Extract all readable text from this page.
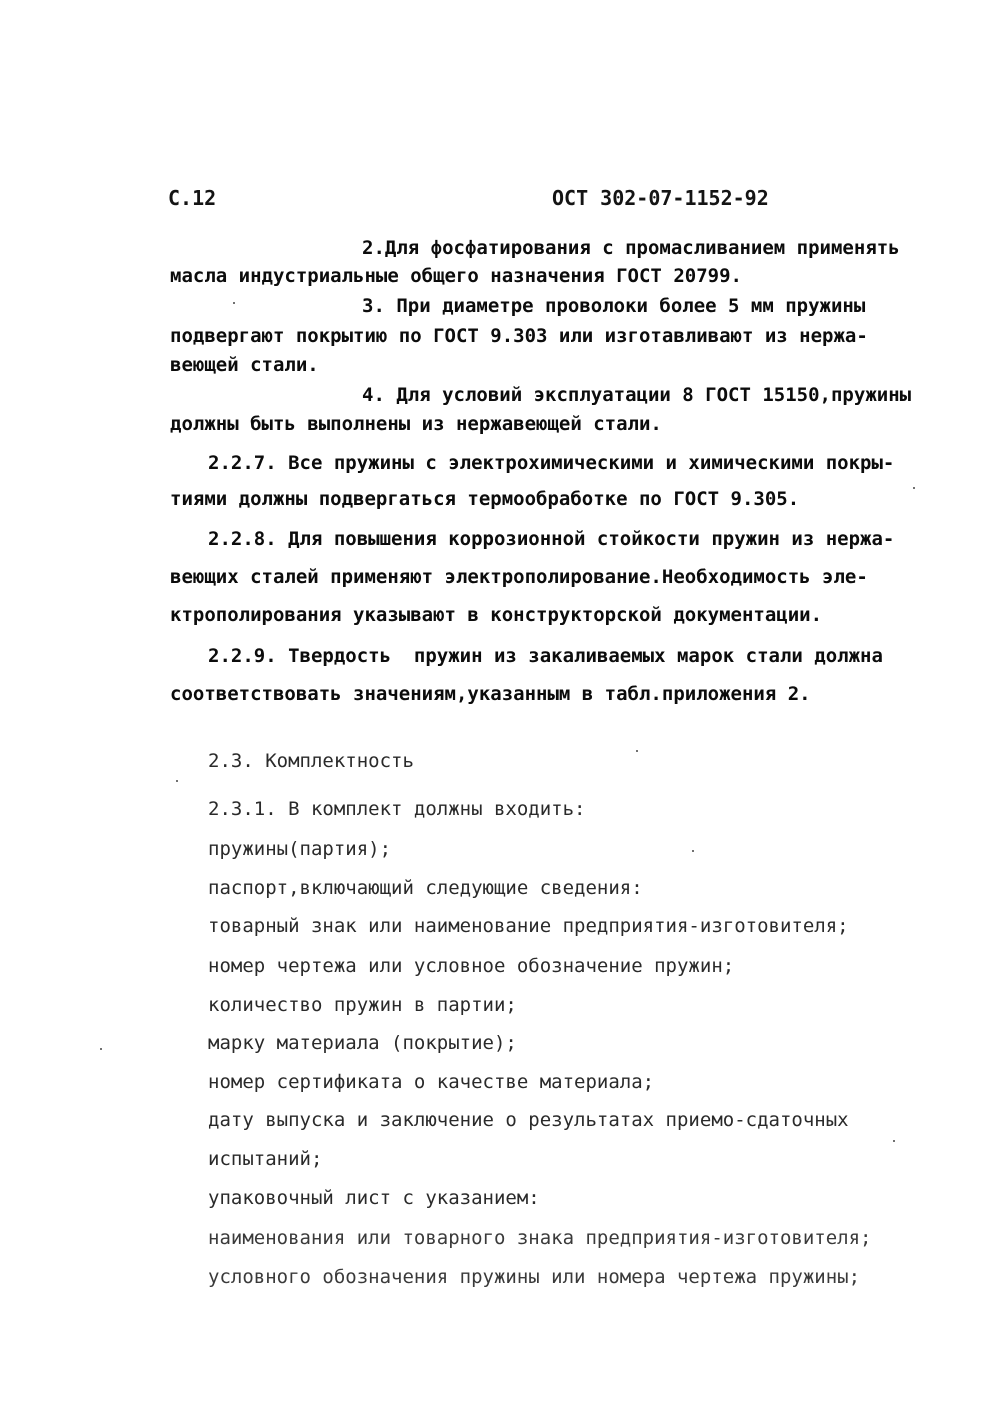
С.12	ОСТ 302-07-1152-92
2.Для фосфатирования с промасливанием применять
масла индустриальные общего назначения ГОСТ 20799.
3. При диаметре проволоки более 5 мм пружины
подвергают покрытию по ГОСТ 9.303 или изготавливают из нержа-
веющей стали.
4. Для условий эксплуатации 8 ГОСТ 15150,пружины
должны быть выполнены из нержавеющей стали.
2.2.7. Все пружины с электрохимическими и химическими покры-
тиями должны подвергаться термообработке по ГОСТ 9.305.
2.2.8. Для повышения коррозионной стойкости пружин из нержа-
веющих сталей применяют электрополирование.Необходимость эле-
ктрополирования указывают в конструкторской документации.
2.2.9. Твердость  пружин из закаливаемых марок стали должна
соответствовать значениям,указанным в табл.приложения 2.
2.3. Комплектность
2.3.1. В комплект должны входить:
пружины(партия);
паспорт,включающий следующие сведения:
товарный знак или наименование предприятия-изготовителя;
номер чертежа или условное обозначение пружин;
количество пружин в партии;
марку материала (покрытие);
номер сертификата о качестве материала;
дату выпуска и заключение о результатах приемо-сдаточных
испытаний;
упаковочный лист с указанием:
наименования или товарного знака предприятия-изготовителя;
условного обозначения пружины или номера чертежа пружины;
